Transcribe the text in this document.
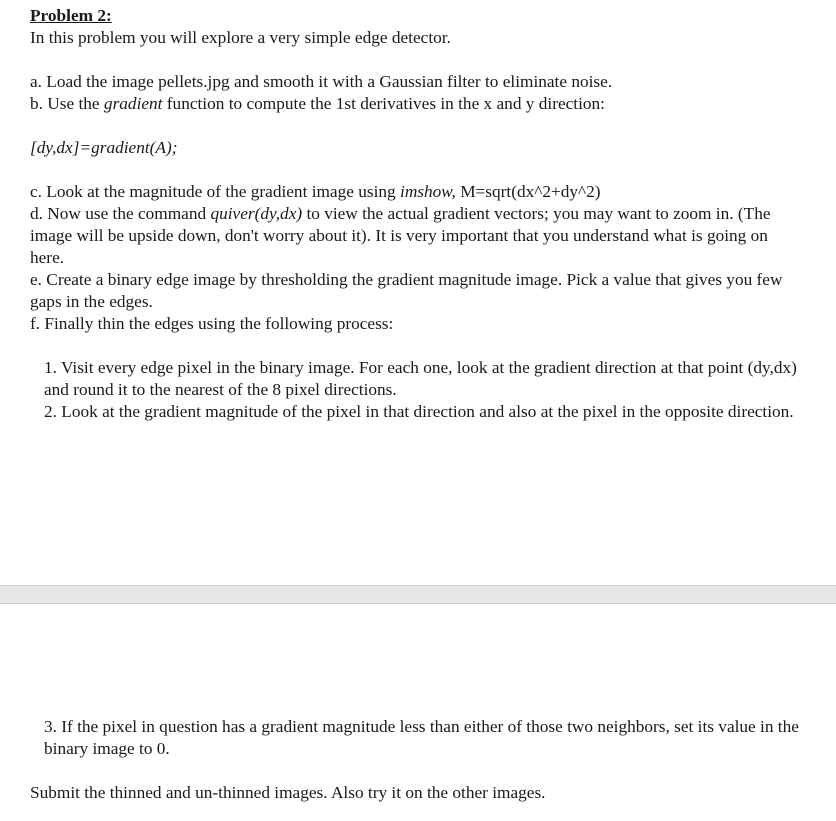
Problem 2:

In this problem you will explore a very simple edge detector.

a. Load the image pellets.jpg and smooth it with a Gaussian filter to eliminate noise.

b. Use the gradient function to compute the 1st derivatives in the x and y direction:

[dy,dx]=gradient(A);

c. Look at the magnitude of the gradient image using imshow, M=sqrt(dx^2+dy^2)

d. Now use the command quiver(dy,dx) to view the actual gradient vectors; you may want to zoom in. (The image will be upside down, don't worry about it). It is very important that you understand what is going on here.

e. Create a binary edge image by thresholding the gradient magnitude image. Pick a value that gives you few gaps in the edges.

f. Finally thin the edges using the following process:

1. Visit every edge pixel in the binary image. For each one, look at the gradient direction at that point (dy,dx) and round it to the nearest of the 8 pixel directions.

2. Look at the gradient magnitude of the pixel in that direction and also at the pixel in the opposite direction.

3. If the pixel in question has a gradient magnitude less than either of those two neighbors, set its value in the binary image to 0.

Submit the thinned and un-thinned images. Also try it on the other images.
